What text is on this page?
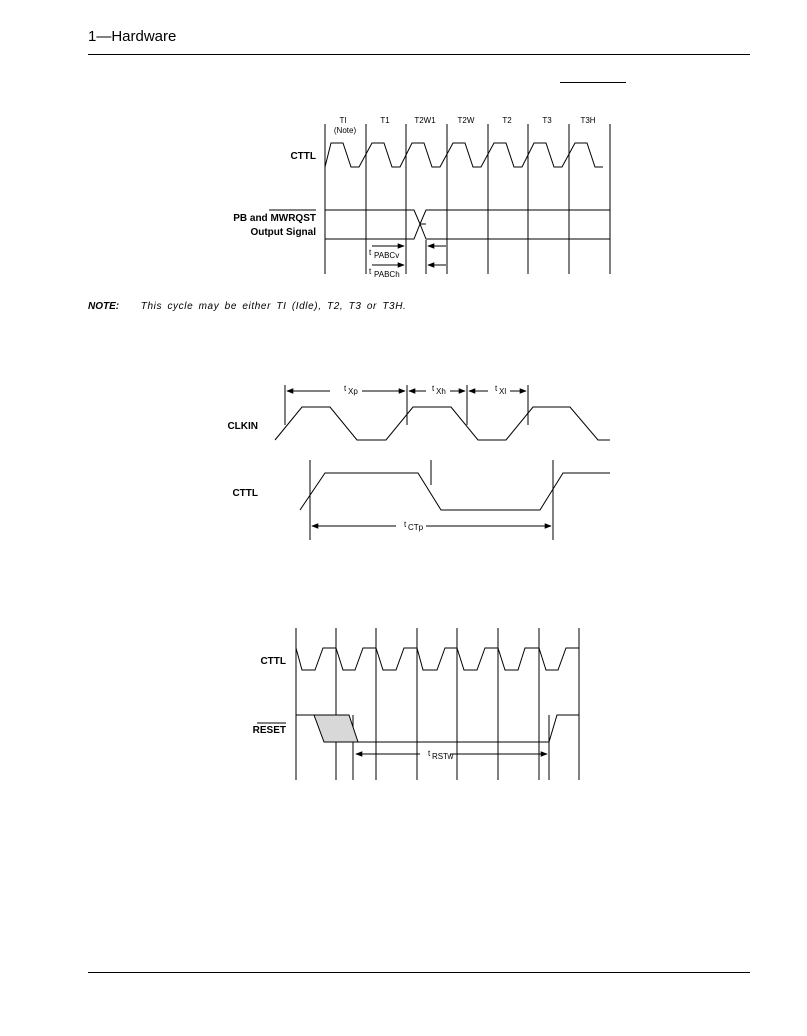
1—Hardware
TI
(Note)
T1	T2W1	T2W	T2	T3	T3H
CTTL
PB and MWRQST
Output Signal
t PABCv
t PABCh
CLKIN
CTTL
t Xp	t Xh	t Xl
t CTp
CTTL
RESET
t RSTw
NOTE: This cycle may be either TI (Idle), T2, T3 or T3H.
